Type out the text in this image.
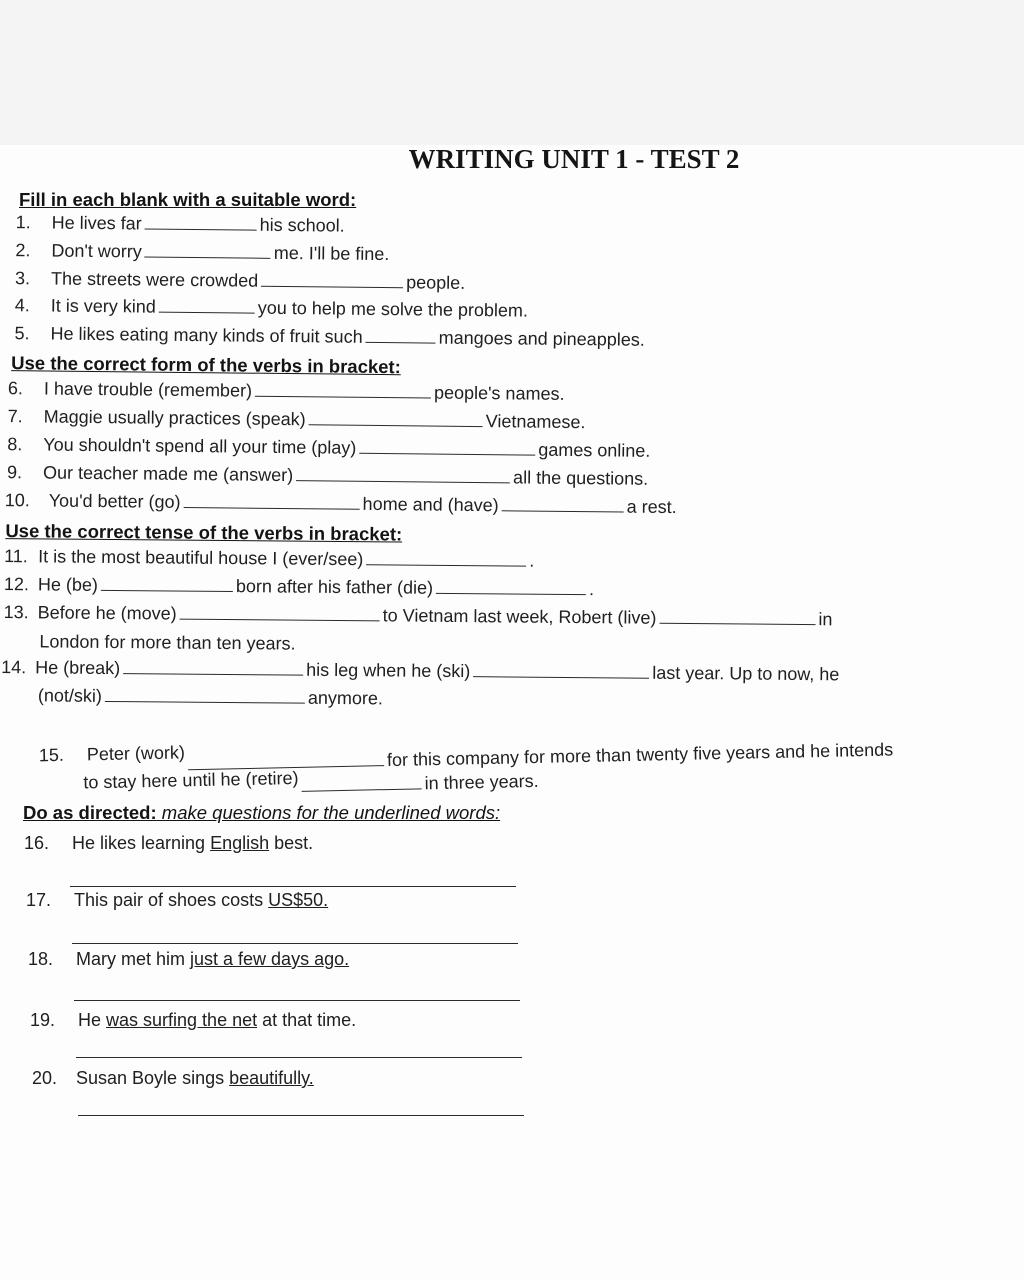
WRITING UNIT 1 - TEST 2
Fill in each blank with a suitable word:
1. He lives far	his school.
2. Don't worry	me. I'll be fine.
3. The streets were crowded	people.
4. It is very kind	you to help me solve the problem.
5. He likes eating many kinds of fruit such	mangoes and pineapples.
Use the correct form of the verbs in bracket:
6. I have trouble (remember)	people's names.
7. Maggie usually practices (speak)	Vietnamese.
8. You shouldn't spend all your time (play)	games online.
9. Our teacher made me (answer)	all the questions.
10. You'd better (go)	home and (have)	a rest.
Use the correct tense of the verbs in bracket:
11. It is the most beautiful house I (ever/see)	.
12. He (be)	born after his father (die)	.
13. Before he (move)	to Vietnam last week, Robert (live)	in
London for more than ten years.
14. He (break)	his leg when he (ski)	last year. Up to now, he
(not/ski)	anymore.
15. Peter (work)	for this company for more than twenty five years and he intends
to stay here until he (retire)	in three years.
Do as directed: make questions for the underlined words:
16. He likes learning English best.
17. This pair of shoes costs US$50.
18. Mary met him just a few days ago.
19. He was surfing the net at that time.
20. Susan Boyle sings beautifully.
